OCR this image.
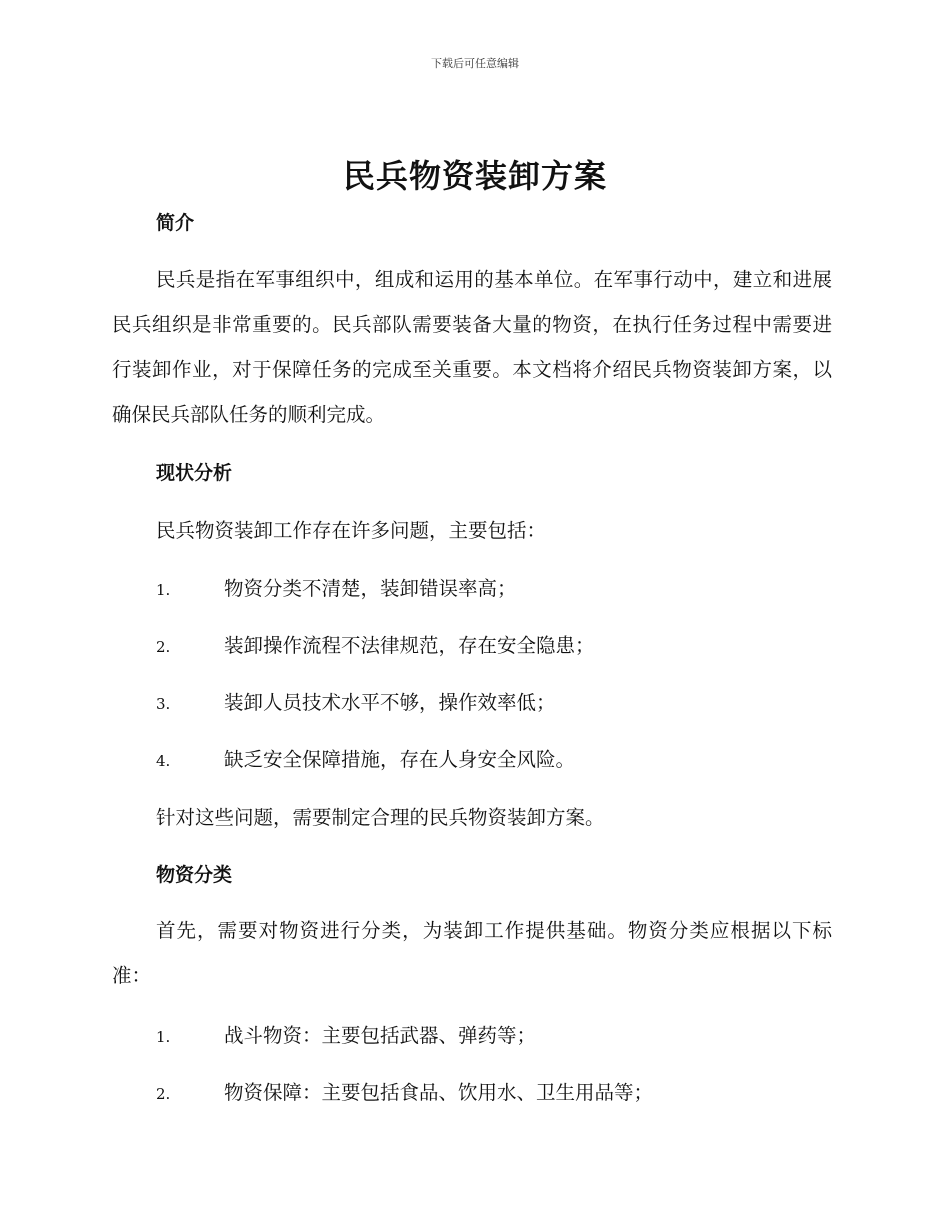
下载后可任意编辑
民兵物资装卸方案
简介
民兵是指在军事组织中，组成和运用的基本单位。在军事行动中，建立和进展民兵组织是非常重要的。民兵部队需要装备大量的物资，在执行任务过程中需要进行装卸作业，对于保障任务的完成至关重要。本文档将介绍民兵物资装卸方案，以确保民兵部队任务的顺利完成。
现状分析
民兵物资装卸工作存在许多问题，主要包括：
1.	物资分类不清楚，装卸错误率高；
2.	装卸操作流程不法律规范，存在安全隐患；
3.	装卸人员技术水平不够，操作效率低；
4.	缺乏安全保障措施，存在人身安全风险。
针对这些问题，需要制定合理的民兵物资装卸方案。
物资分类
首先，需要对物资进行分类，为装卸工作提供基础。物资分类应根据以下标准：
1.	战斗物资：主要包括武器、弹药等；
2.	物资保障：主要包括食品、饮用水、卫生用品等；
